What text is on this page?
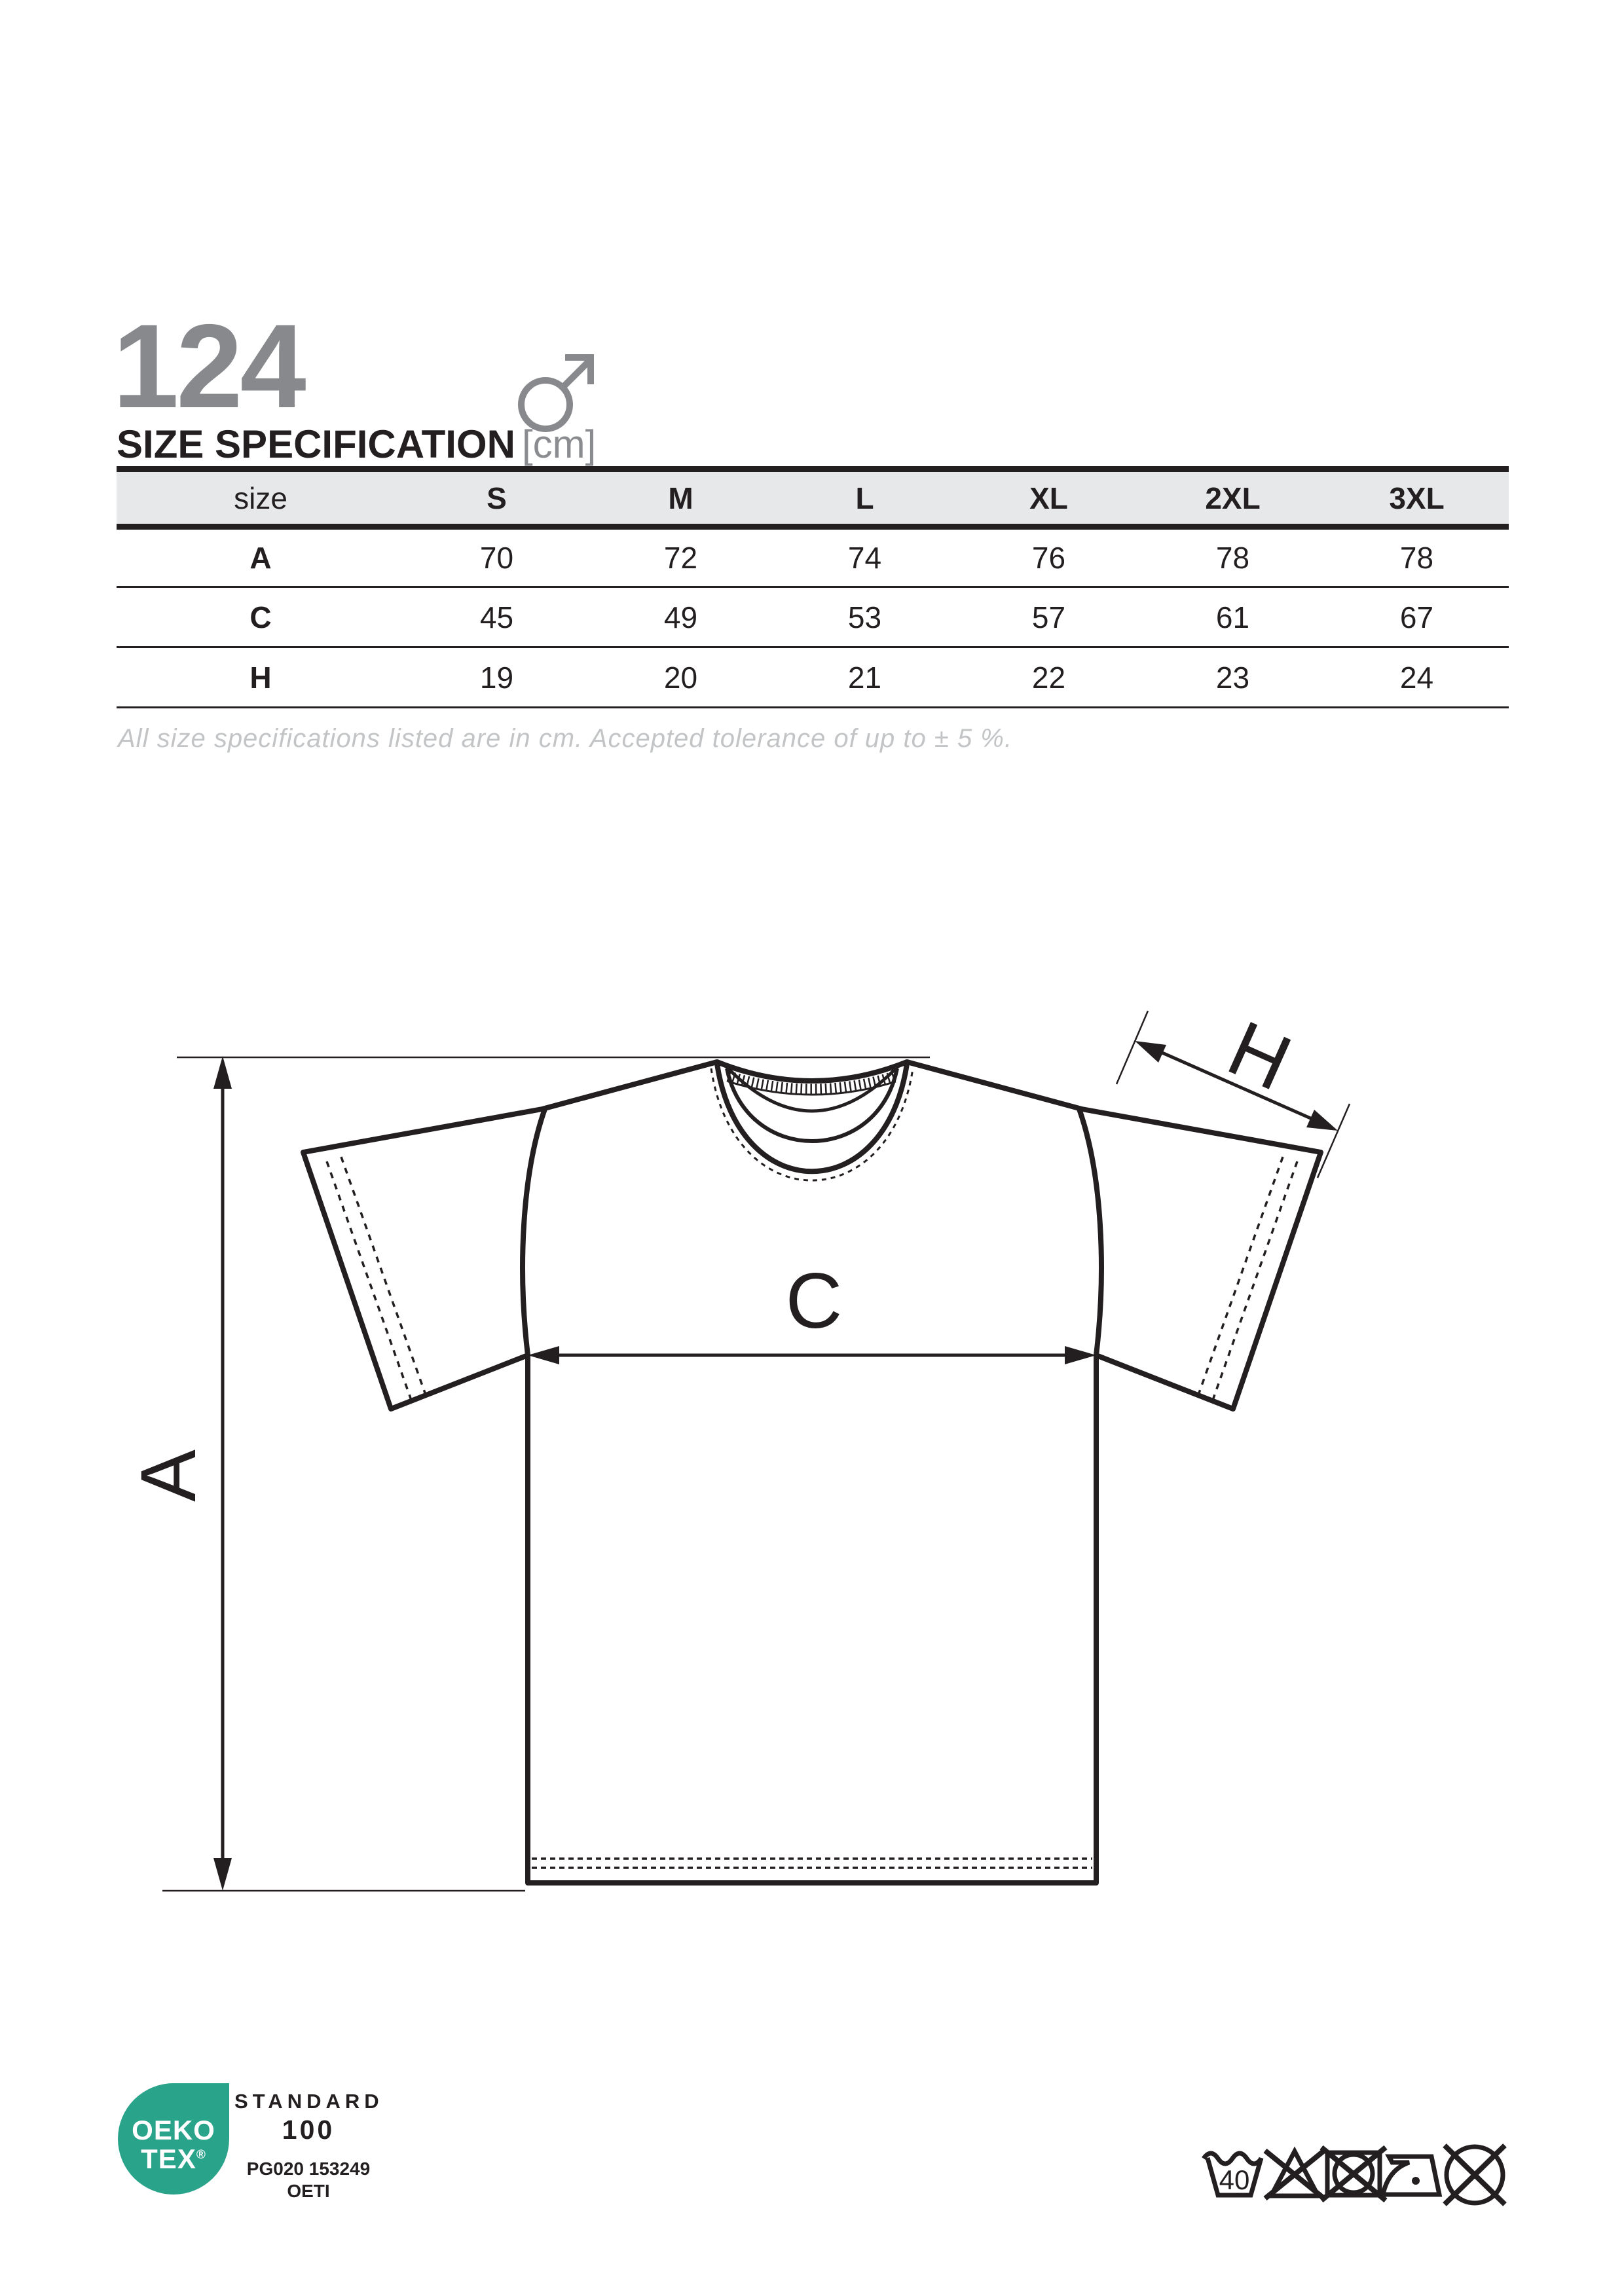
124
SIZE SPECIFICATION [cm]
size	S	M	L	XL	2XL	3XL
A	70	72	74	76	78	78
C	45	49	53	57	61	67
H	19	20	21	22	23	24
All size specifications listed are in cm. Accepted tolerance of up to ± 5 %.
A
C
H
40
OEKO
TEX®
STANDARD
100
PG020 153249
OETI
